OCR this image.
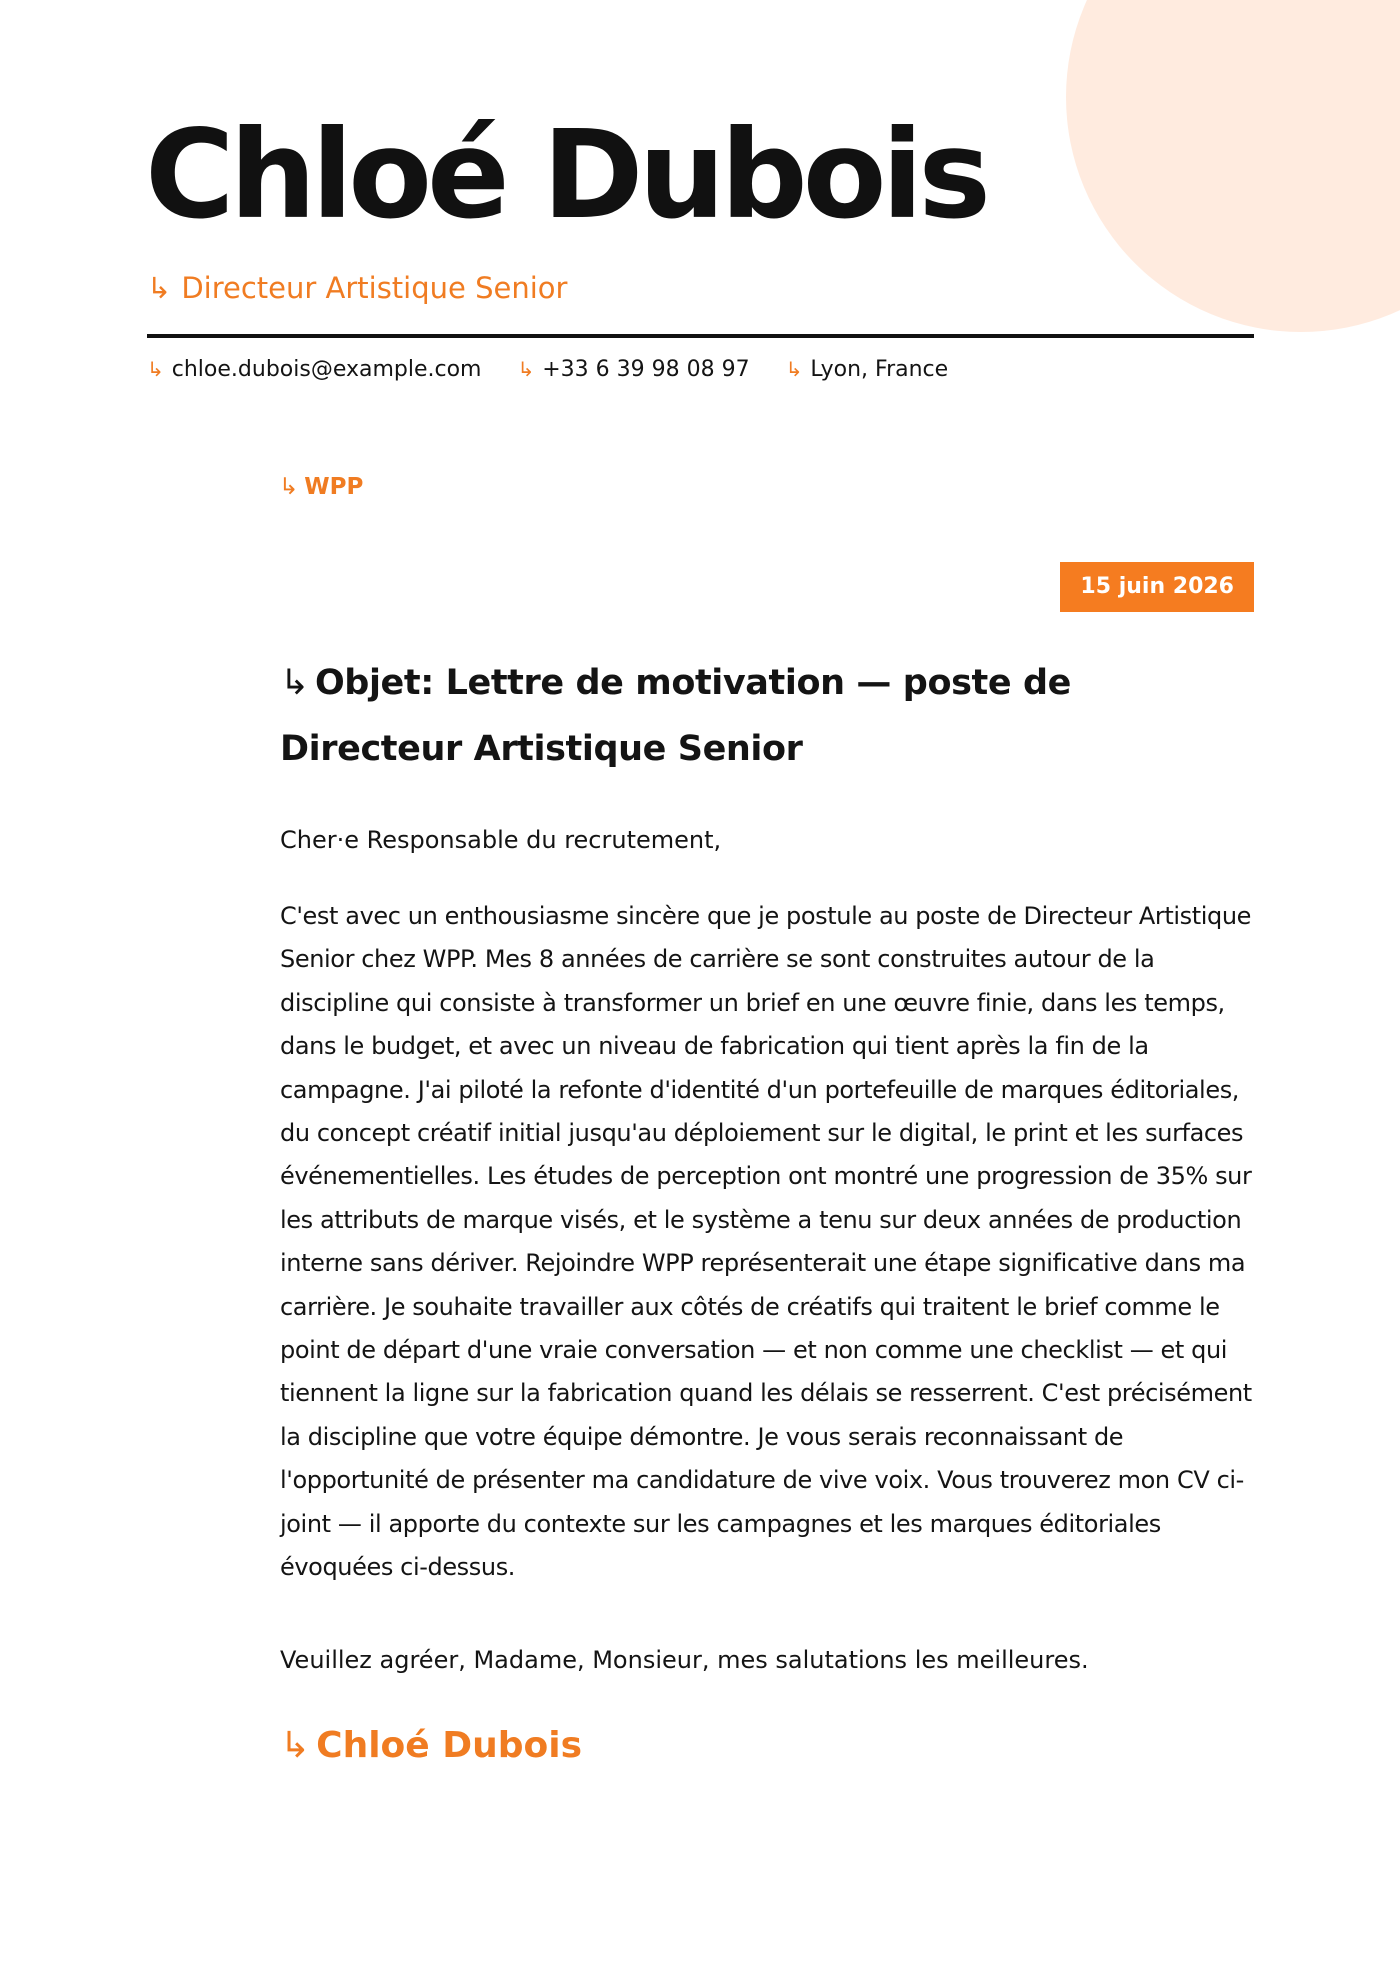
Chloé Dubois
↳ Directeur Artistique Senior
↳ chloe.dubois@example.com ↳ +33 6 39 98 08 97 ↳ Lyon, France
↳ WPP
15 juin 2026
↳ Objet: Lettre de motivation — poste de Directeur Artistique Senior

Cher·e Responsable du recrutement,

C'est avec un enthousiasme sincère que je postule au poste de Directeur Artistique Senior chez WPP. Mes 8 années de carrière se sont construites autour de la discipline qui consiste à transformer un brief en une œuvre finie, dans les temps, dans le budget, et avec un niveau de fabrication qui tient après la fin de la campagne. J'ai piloté la refonte d'identité d'un portefeuille de marques éditoriales, du concept créatif initial jusqu'au déploiement sur le digital, le print et les surfaces événementielles. Les études de perception ont montré une progression de 35% sur les attributs de marque visés, et le système a tenu sur deux années de production interne sans dériver. Rejoindre WPP représenterait une étape significative dans ma carrière. Je souhaite travailler aux côtés de créatifs qui traitent le brief comme le point de départ d'une vraie conversation — et non comme une checklist — et qui tiennent la ligne sur la fabrication quand les délais se resserrent. C'est précisément la discipline que votre équipe démontre. Je vous serais reconnaissant de l'opportunité de présenter ma candidature de vive voix. Vous trouverez mon CV ci-joint — il apporte du contexte sur les campagnes et les marques éditoriales évoquées ci-dessus.

Veuillez agréer, Madame, Monsieur, mes salutations les meilleures.

↳ Chloé Dubois
